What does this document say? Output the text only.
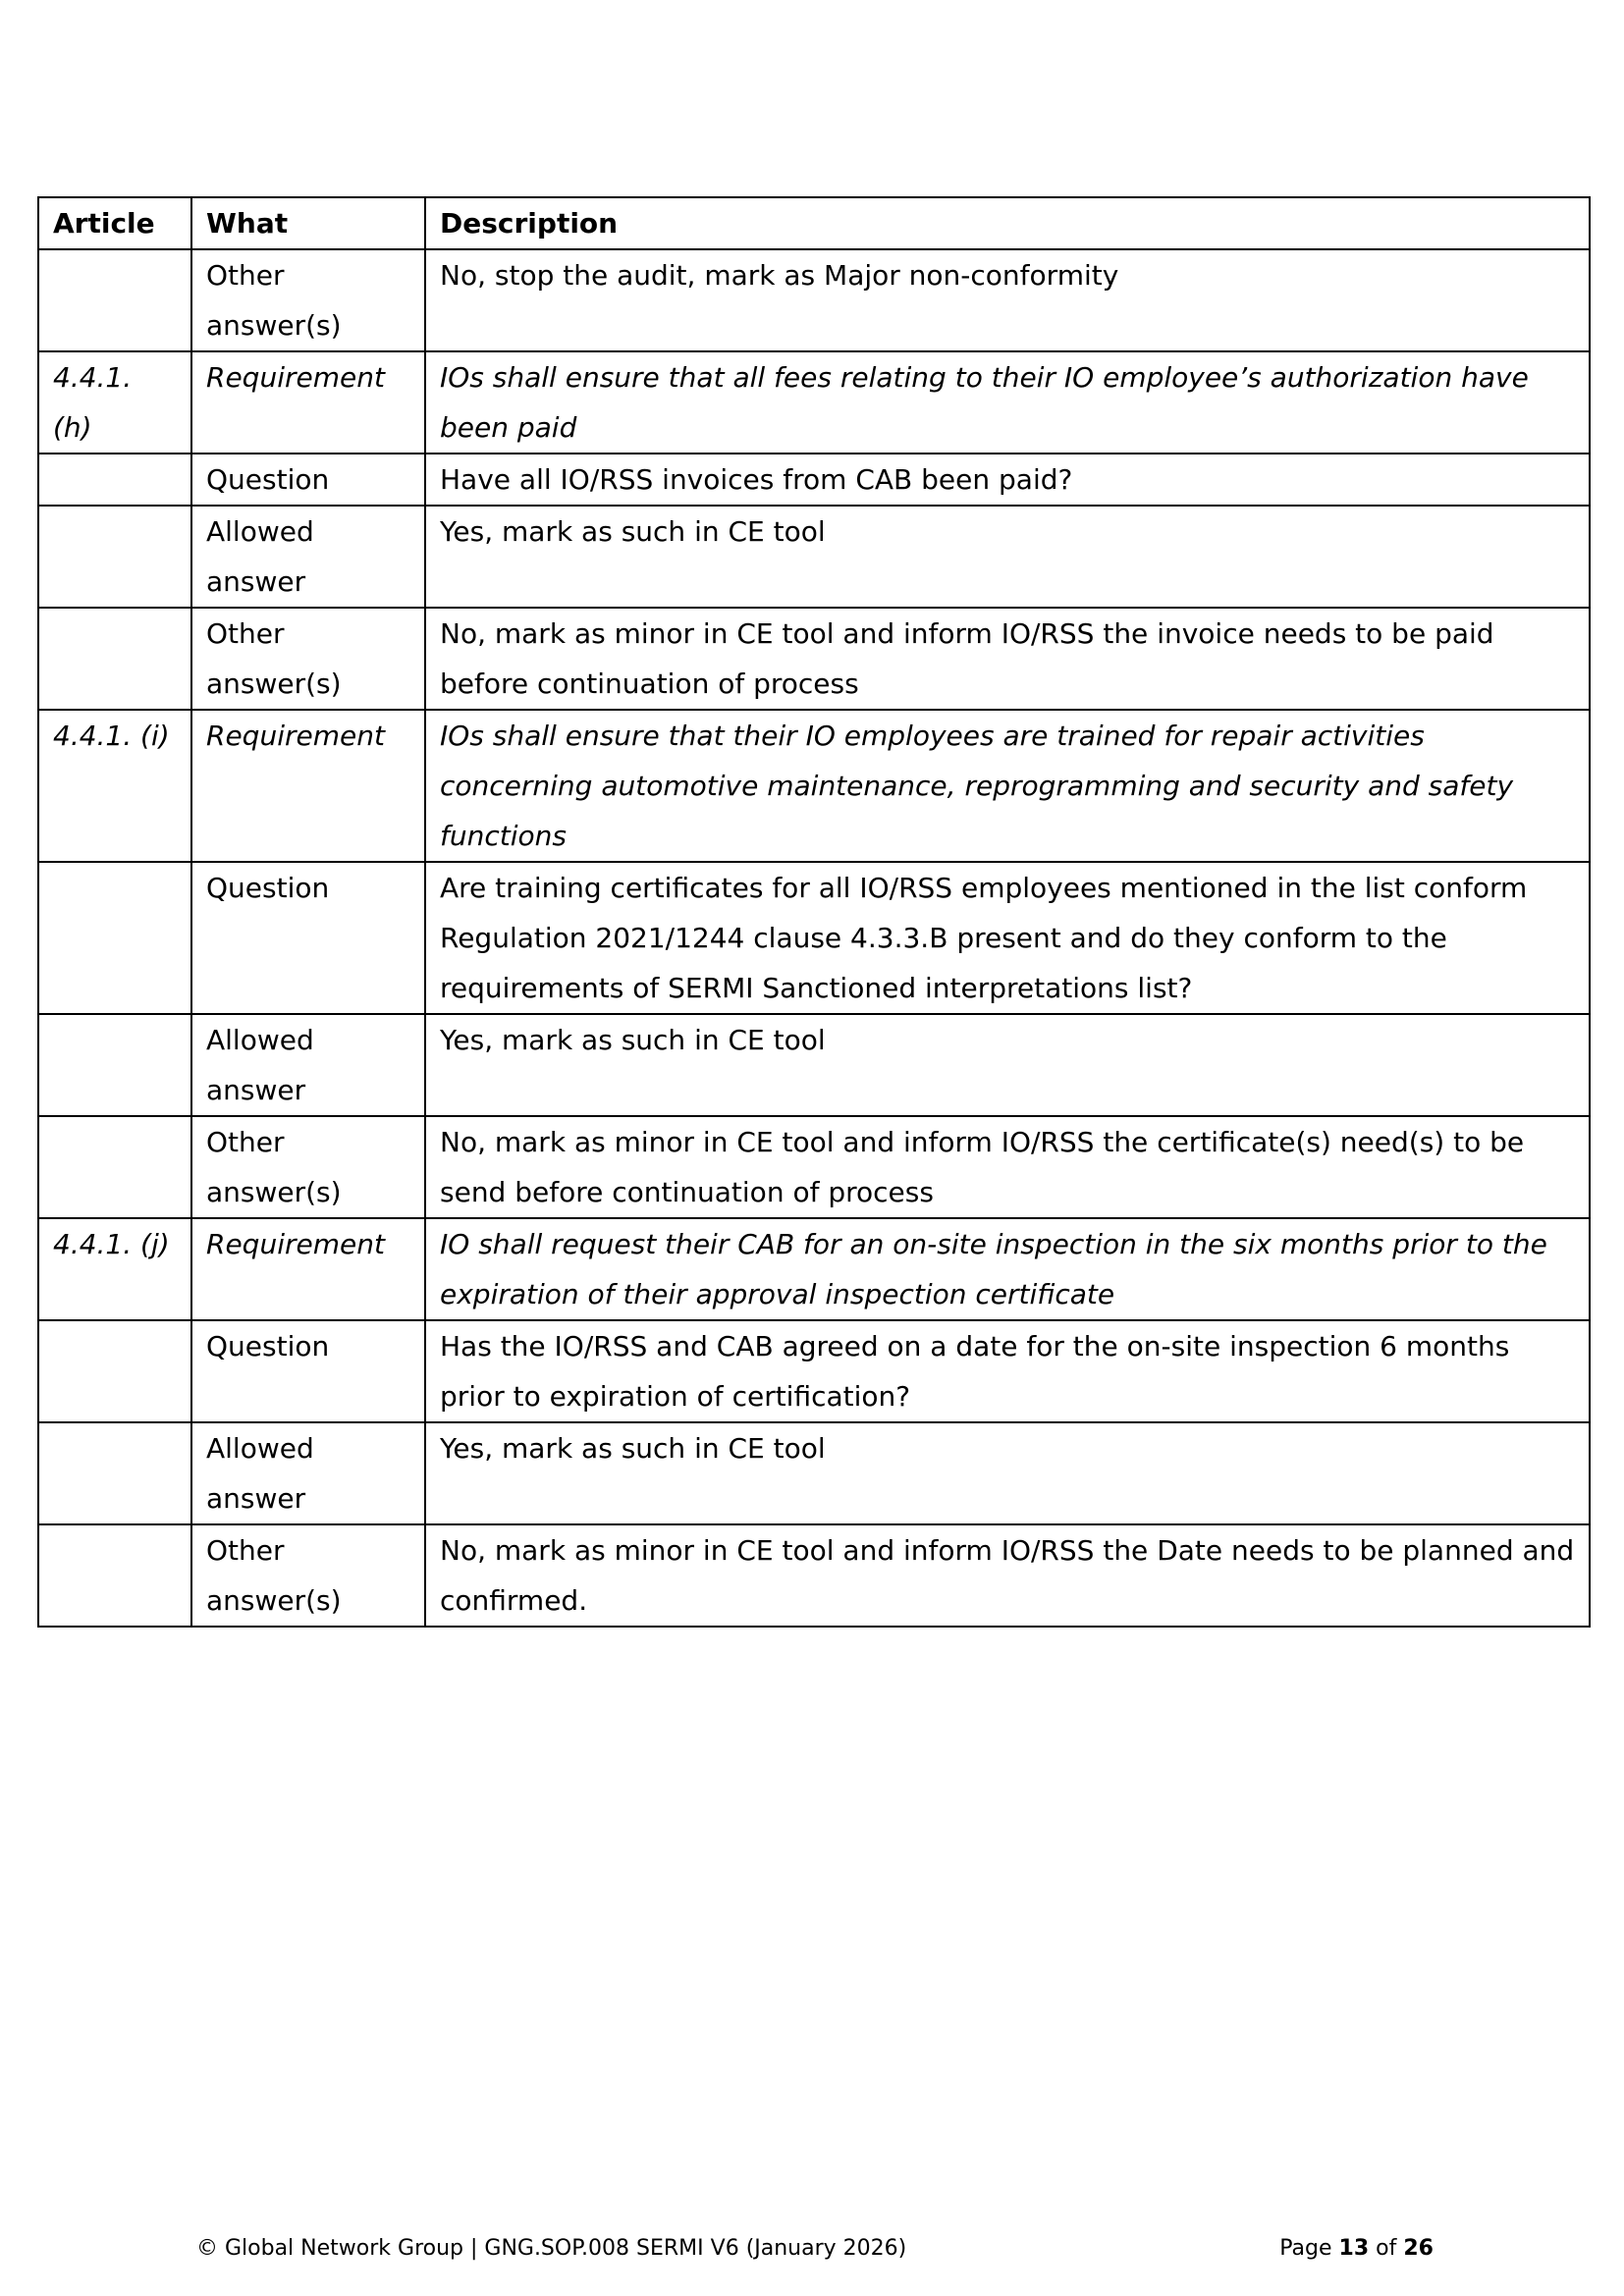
Article	What	Description
	Other answer(s)	No, stop the audit, mark as Major non-conformity
4.4.1. (h)	Requirement	IOs shall ensure that all fees relating to their IO employee’s authorization have been paid
	Question	Have all IO/RSS invoices from CAB been paid?
	Allowed answer	Yes, mark as such in CE tool
	Other answer(s)	No, mark as minor in CE tool and inform IO/RSS the invoice needs to be paid before continuation of process
4.4.1. (i)	Requirement	IOs shall ensure that their IO employees are trained for repair activities concerning automotive maintenance, reprogramming and security and safety functions
	Question	Are training certificates for all IO/RSS employees mentioned in the list conform Regulation 2021/1244 clause 4.3.3.B present and do they conform to the requirements of SERMI Sanctioned interpretations list?
	Allowed answer	Yes, mark as such in CE tool
	Other answer(s)	No, mark as minor in CE tool and inform IO/RSS the certificate(s) need(s) to be send before continuation of process
4.4.1. (j)	Requirement	IO shall request their CAB for an on-site inspection in the six months prior to the expiration of their approval inspection certificate
	Question	Has the IO/RSS and CAB agreed on a date for the on-site inspection 6 months prior to expiration of certification?
	Allowed answer	Yes, mark as such in CE tool
	Other answer(s)	No, mark as minor in CE tool and inform IO/RSS the Date needs to be planned and confirmed.
© Global Network Group | GNG.SOP.008 SERMI V6 (January 2026)	Page 13 of 26
